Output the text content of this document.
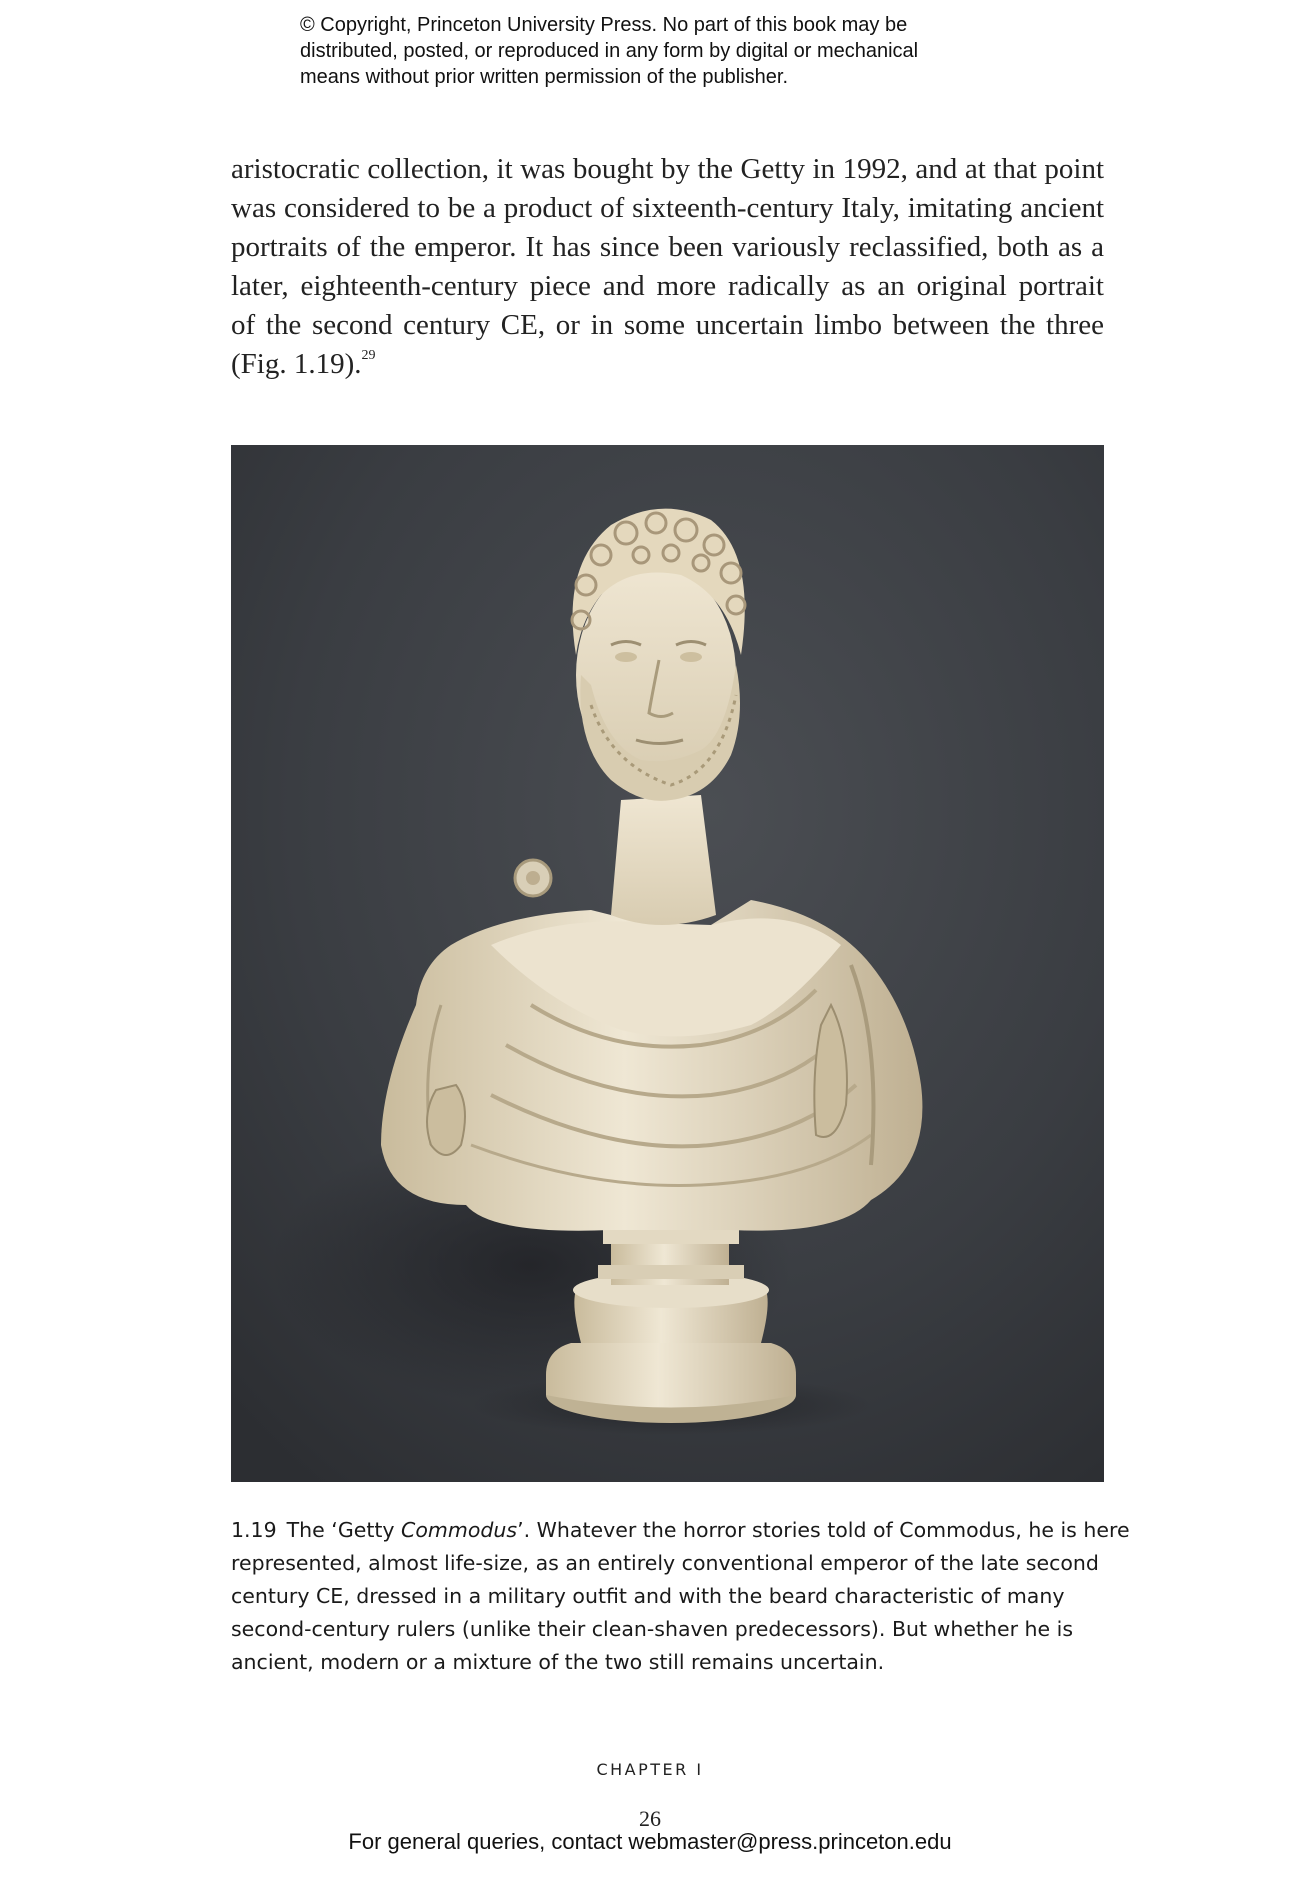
© Copyright, Princeton University Press. No part of this book may be
distributed, posted, or reproduced in any form by digital or mechanical
means without prior written permission of the publisher.
aristocratic collection, it was bought by the Getty in 1992, and at that point
was considered to be a product of sixteenth-century Italy, imitating ancient
portraits of the emperor. It has since been variously reclassified, both as a
later, eighteenth-century piece and more radically as an original portrait
of the second century CE, or in some uncertain limbo between the three
(Fig. 1.19).$^{29}$
1.19 The ‘Getty Commodus’. Whatever the horror stories told of Commodus, he is here
represented, almost life-size, as an entirely conventional emperor of the late second
century CE, dressed in a military outfit and with the beard characteristic of many
second-century rulers (unlike their clean-shaven predecessors). But whether he is
ancient, modern or a mixture of the two still remains uncertain.
CHAPTER I
26
For general queries, contact webmaster@press.princeton.edu
